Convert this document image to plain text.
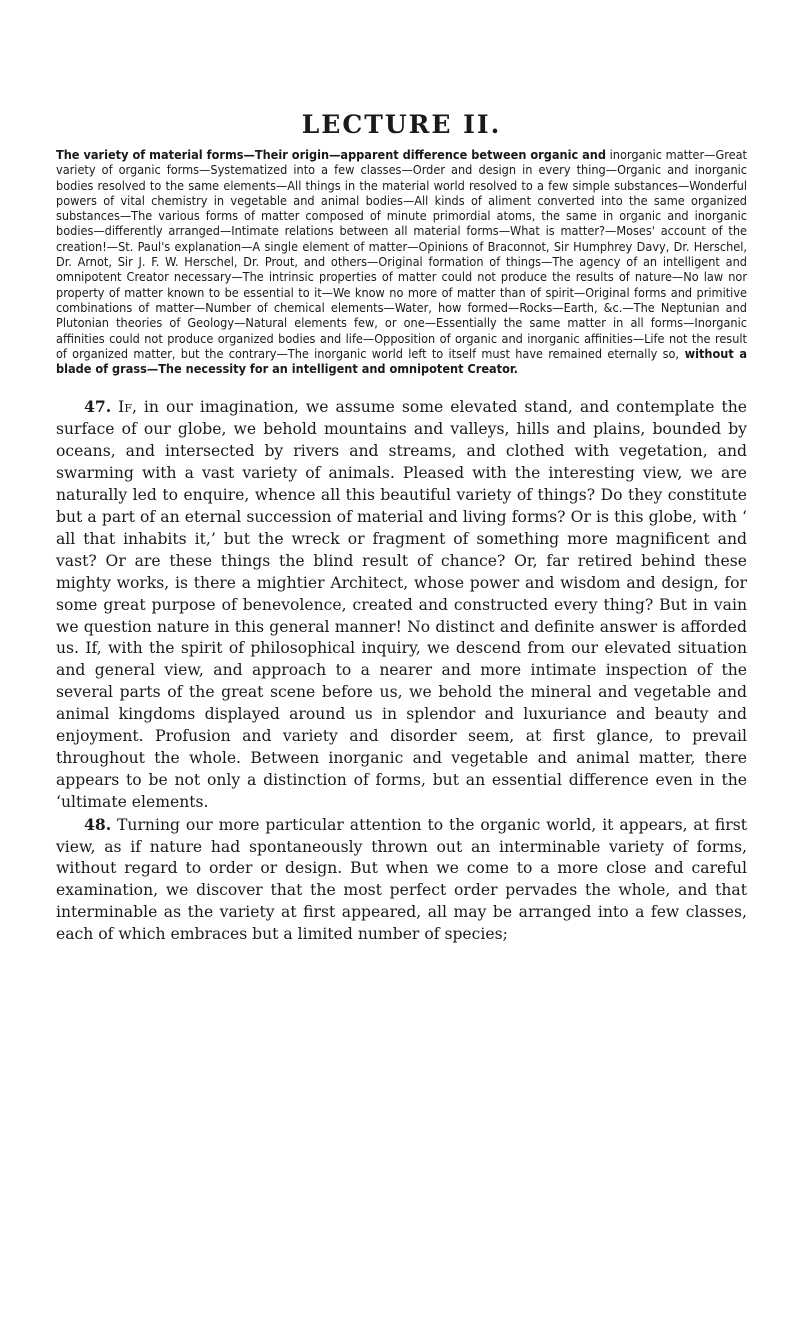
LECTURE II.

The variety of material forms—Their origin—apparent difference between organic and inorganic matter—Great variety of organic forms—Systematized into a few classes—Order and design in every thing—Organic and inorganic bodies resolved to the same elements—All things in the material world resolved to a few simple substances—Wonderful powers of vital chemistry in vegetable and animal bodies—All kinds of aliment converted into the same organized substances—The various forms of matter composed of minute primordial atoms, the same in organic and inorganic bodies—differently arranged—Intimate relations between all material forms—What is matter?—Moses' account of the creation!—St. Paul's explanation—A single element of matter—Opinions of Braconnot, Sir Humphrey Davy, Dr. Herschel, Dr. Arnot, Sir J. F. W. Herschel, Dr. Prout, and others—Original formation of things—The agency of an intelligent and omnipotent Creator necessary—The intrinsic properties of matter could not produce the results of nature—No law nor property of matter known to be essential to it—We know no more of matter than of spirit—Original forms and primitive combinations of matter—Number of chemical elements—Water, how formed—Rocks—Earth, &c.—The Neptunian and Plutonian theories of Geology—Natural elements few, or one—Essentially the same matter in all forms—Inorganic affinities could not produce organized bodies and life—Opposition of organic and inorganic affinities—Life not the result of organized matter, but the contrary—The inorganic world left to itself must have remained eternally so, without a blade of grass—The necessity for an intelligent and omnipotent Creator.

47. If, in our imagination, we assume some elevated stand, and contemplate the surface of our globe, we behold mountains and valleys, hills and plains, bounded by oceans, and intersected by rivers and streams, and clothed with vegetation, and swarming with a vast variety of animals. Pleased with the interesting view, we are naturally led to enquire, whence all this beautiful variety of things? Do they constitute but a part of an eternal succession of material and living forms? Or is this globe, with ‘ all that inhabits it,’ but the wreck or fragment of something more magnificent and vast? Or are these things the blind result of chance? Or, far retired behind these mighty works, is there a mightier Architect, whose power and wisdom and design, for some great purpose of benevolence, created and constructed every thing? But in vain we question nature in this general manner! No distinct and definite answer is afforded us. If, with the spirit of philosophical inquiry, we descend from our elevated situation and general view, and approach to a nearer and more intimate inspection of the several parts of the great scene before us, we behold the mineral and vegetable and animal kingdoms displayed around us in splendor and luxuriance and beauty and enjoyment. Profusion and variety and disorder seem, at first glance, to prevail throughout the whole. Between inorganic and vegetable and animal matter, there appears to be not only a distinction of forms, but an essential difference even in the ‘ultimate elements.

48. Turning our more particular attention to the organic world, it appears, at first view, as if nature had spontaneously thrown out an interminable variety of forms, without regard to order or design. But when we come to a more close and careful examination, we discover that the most perfect order pervades the whole, and that interminable as the variety at first appeared, all may be arranged into a few classes, each of which embraces but a limited number of species;
